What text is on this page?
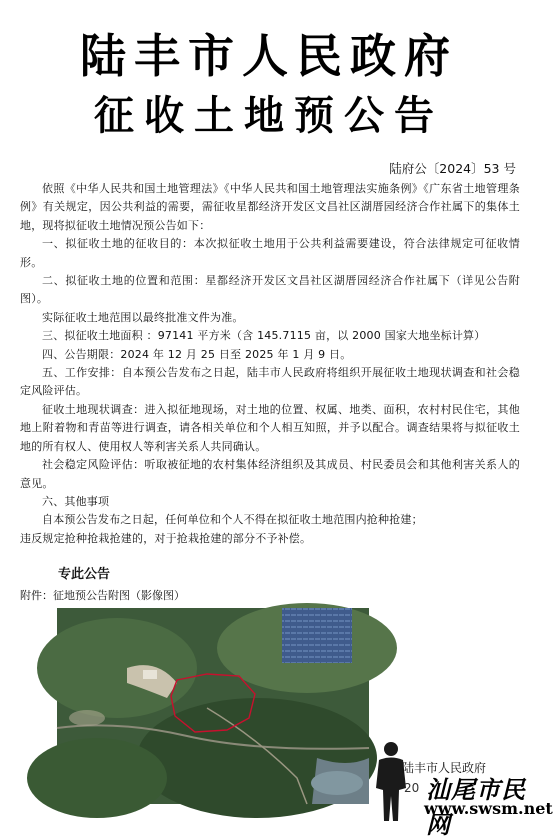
陆丰市人民政府
征收土地预公告
陆府公〔2024〕53 号

依照《中华人民共和国土地管理法》《中华人民共和国土地管理法实施条例》《广东省土地管理条例》有关规定，因公共利益的需要，需征收星都经济开发区文昌社区湖厝园经济合作社属下的集体土地，现将拟征收土地情况预公告如下：

一、拟征收土地的征收目的：本次拟征收土地用于公共利益需要建设，符合法律规定可征收情形。

二、拟征收土地的位置和范围：星都经济开发区文昌社区湖厝园经济合作社属下（详见公告附图）。

实际征收土地范围以最终批准文件为准。

三、拟征收土地面积 ：97141 平方米（含 145.7115 亩，以 2000 国家大地坐标计算）

四、公告期限：2024 年 12 月 25 日至 2025 年 1 月 9 日。

五、工作安排：自本预公告发布之日起，陆丰市人民政府将组织开展征收土地现状调查和社会稳定风险评估。

征收土地现状调查：进入拟征地现场，对土地的位置、权属、地类、面积，农村村民住宅，其他地上附着物和青苗等进行调查，请各相关单位和个人相互知照，并予以配合。调查结果将与拟征收土地的所有权人、使用权人等利害关系人共同确认。

社会稳定风险评估：听取被征地的农村集体经济组织及其成员、村民委员会和其他利害关系人的意见。

六、其他事项

自本预公告发布之日起，任何单位和个人不得在拟征收土地范围内抢种抢建；

违反规定抢种抢栽抢建的，对于抢栽抢建的部分不予补偿。

专此公告
附件：征地预公告附图（影像图）
陆丰市人民政府
20 汕尾市民网
www.swsm.net
